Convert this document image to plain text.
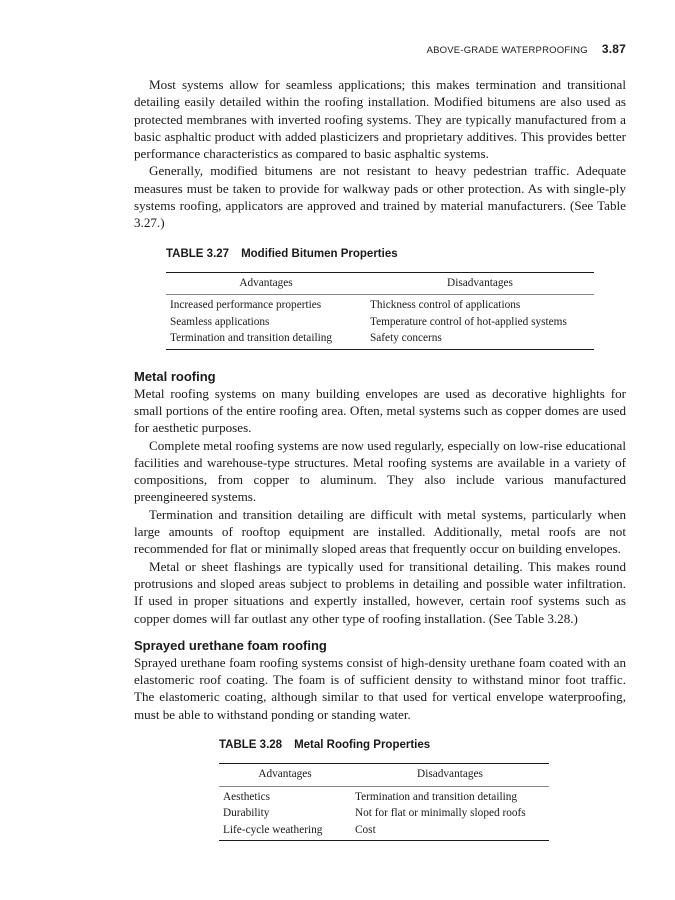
ABOVE-GRADE WATERPROOFING 3.87

Most systems allow for seamless applications; this makes termination and transitional detailing easily detailed within the roofing installation. Modified bitumens are also used as protected membranes with inverted roofing systems. They are typically manufactured from a basic asphaltic product with added plasticizers and proprietary additives. This provides better performance characteristics as compared to basic asphaltic systems.

Generally, modified bitumens are not resistant to heavy pedestrian traffic. Adequate measures must be taken to provide for walkway pads or other protection. As with single-ply systems roofing, applicators are approved and trained by material manufacturers. (See Table 3.27.)

TABLE 3.27 Modified Bitumen Properties
Advantages	Disadvantages
Increased performance properties	Thickness control of applications
Seamless applications	Temperature control of hot-applied systems
Termination and transition detailing	Safety concerns
Metal roofing

Metal roofing systems on many building envelopes are used as decorative highlights for small portions of the entire roofing area. Often, metal systems such as copper domes are used for aesthetic purposes.

Complete metal roofing systems are now used regularly, especially on low-rise educational facilities and warehouse-type structures. Metal roofing systems are available in a variety of compositions, from copper to aluminum. They also include various manufactured preengineered systems.

Termination and transition detailing are difficult with metal systems, particularly when large amounts of rooftop equipment are installed. Additionally, metal roofs are not recommended for flat or minimally sloped areas that frequently occur on building envelopes.

Metal or sheet flashings are typically used for transitional detailing. This makes round protrusions and sloped areas subject to problems in detailing and possible water infiltration. If used in proper situations and expertly installed, however, certain roof systems such as copper domes will far outlast any other type of roofing installation. (See Table 3.28.)

Sprayed urethane foam roofing

Sprayed urethane foam roofing systems consist of high-density urethane foam coated with an elastomeric roof coating. The foam is of sufficient density to withstand minor foot traffic. The elastomeric coating, although similar to that used for vertical envelope waterproofing, must be able to withstand ponding or standing water.

TABLE 3.28 Metal Roofing Properties
Advantages	Disadvantages
Aesthetics	Termination and transition detailing
Durability	Not for flat or minimally sloped roofs
Life-cycle weathering	Cost
